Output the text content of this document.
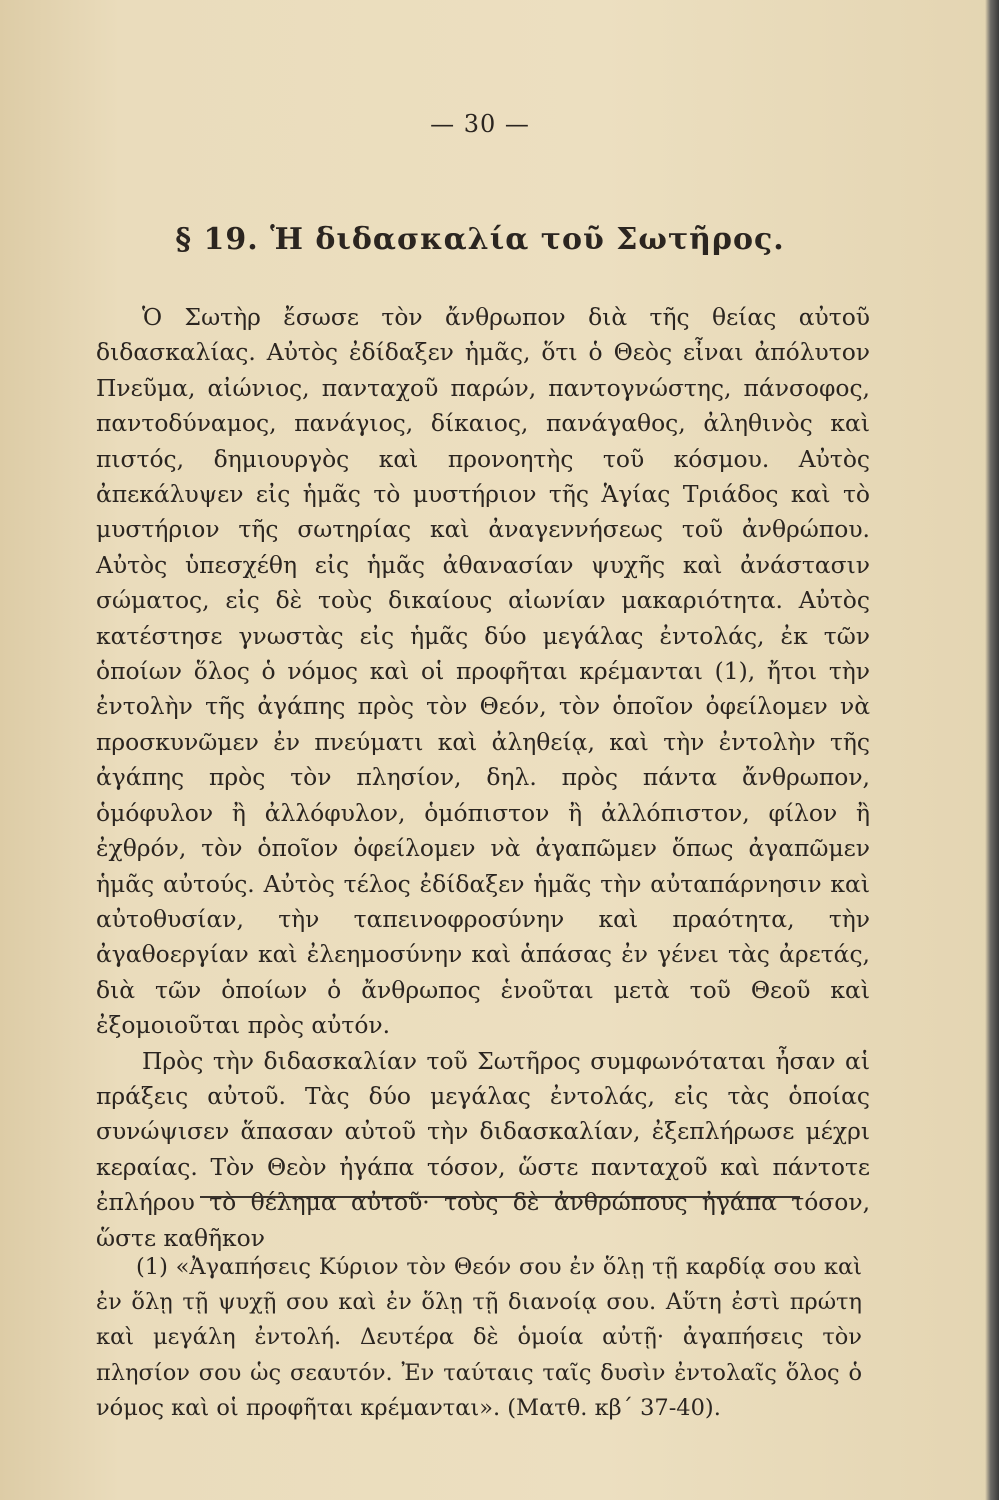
— 30 —
§ 19. Ἡ διδασκαλία τοῦ Σωτῆρος.

Ὁ Σωτὴρ ἔσωσε τὸν ἄνθρωπον διὰ τῆς θείας αὐτοῦ διδασκαλίας. Αὐτὸς ἐδίδαξεν ἡμᾶς, ὅτι ὁ Θεὸς εἶναι ἀπόλυτον Πνεῦμα, αἰώνιος, πανταχοῦ παρών, παντογνώστης, πάνσοφος, παντοδύναμος, πανάγιος, δίκαιος, πανάγαθος, ἀληθινὸς καὶ πιστός, δημιουργὸς καὶ προνοητὴς τοῦ κόσμου. Αὐτὸς ἀπεκάλυψεν εἰς ἡμᾶς τὸ μυστήριον τῆς Ἁγίας Τριάδος καὶ τὸ μυστήριον τῆς σωτηρίας καὶ ἀναγεννήσεως τοῦ ἀνθρώπου. Αὐτὸς ὑπεσχέθη εἰς ἡμᾶς ἀθανασίαν ψυχῆς καὶ ἀνάστασιν σώματος, εἰς δὲ τοὺς δικαίους αἰωνίαν μακαριότητα. Αὐτὸς κατέστησε γνωστὰς εἰς ἡμᾶς δύο μεγάλας ἐντολάς, ἐκ τῶν ὁποίων ὅλος ὁ νόμος καὶ οἱ προφῆται κρέμανται (1), ἤτοι τὴν ἐντολὴν τῆς ἀγάπης πρὸς τὸν Θεόν, τὸν ὁποῖον ὀφείλομεν νὰ προσκυνῶμεν ἐν πνεύματι καὶ ἀληθείᾳ, καὶ τὴν ἐντολὴν τῆς ἀγάπης πρὸς τὸν πλησίον, δηλ. πρὸς πάντα ἄνθρωπον, ὁμόφυλον ἢ ἀλλόφυλον, ὁμόπιστον ἢ ἀλλόπιστον, φίλον ἢ ἐχθρόν, τὸν ὁποῖον ὀφείλομεν νὰ ἀγαπῶμεν ὅπως ἀγαπῶμεν ἡμᾶς αὐτούς. Αὐτὸς τέλος ἐδίδαξεν ἡμᾶς τὴν αὐταπάρνησιν καὶ αὐτοθυσίαν, τὴν ταπεινοφροσύνην καὶ πραότητα, τὴν ἀγαθοεργίαν καὶ ἐλεημοσύνην καὶ ἁπάσας ἐν γένει τὰς ἀρετάς, διὰ τῶν ὁποίων ὁ ἄνθρωπος ἑνοῦται μετὰ τοῦ Θεοῦ καὶ ἐξομοιοῦται πρὸς αὐτόν.

Πρὸς τὴν διδασκαλίαν τοῦ Σωτῆρος συμφωνόταται ἦσαν αἱ πράξεις αὐτοῦ. Τὰς δύο μεγάλας ἐντολάς, εἰς τὰς ὁποίας συνώψισεν ἅπασαν αὐτοῦ τὴν διδασκαλίαν, ἐξεπλήρωσε μέχρι κεραίας. Τὸν Θεὸν ἠγάπα τόσον, ὥστε πανταχοῦ καὶ πάντοτε ἐπλήρου τὸ θέλημα αὐτοῦ· τοὺς δὲ ἀνθρώπους ἠγάπα τόσον, ὥστε καθῆκον

(1) «Ἀγαπήσεις Κύριον τὸν Θεόν σου ἐν ὅλῃ τῇ καρδίᾳ σου καὶ ἐν ὅλῃ τῇ ψυχῇ σου καὶ ἐν ὅλῃ τῇ διανοίᾳ σου. Αὕτη ἐστὶ πρώτη καὶ μεγάλη ἐντολή. Δευτέρα δὲ ὁμοία αὐτῇ· ἀγαπήσεις τὸν πλησίον σου ὡς σεαυτόν. Ἐν ταύταις ταῖς δυσὶν ἐντολαῖς ὅλος ὁ νόμος καὶ οἱ προφῆται κρέμανται». (Ματθ. κβ΄ 37-40).
